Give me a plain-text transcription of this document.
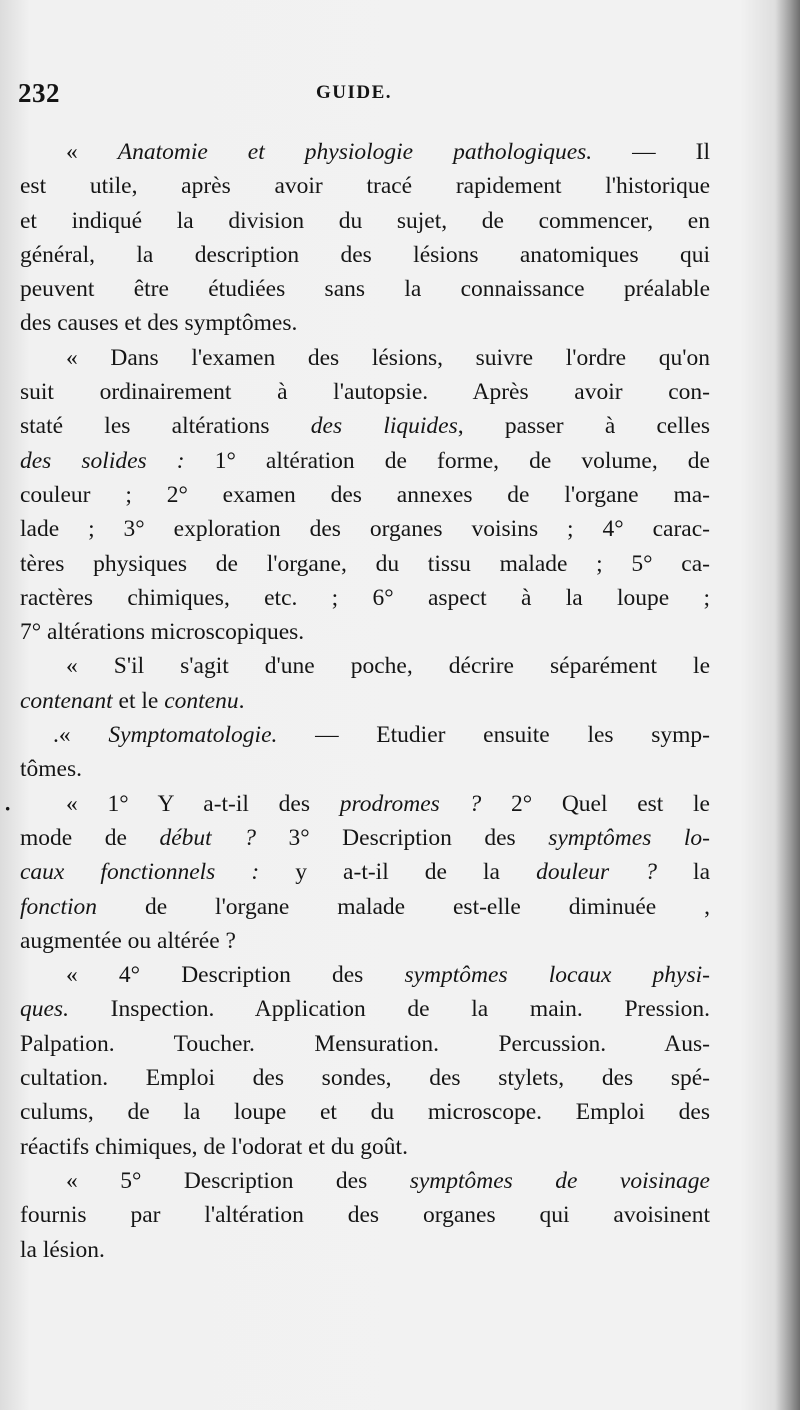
232	GUIDE.
·
« Anatomie et physiologie pathologiques. — Il
est utile, après avoir tracé rapidement l'historique
et indiqué la division du sujet, de commencer, en
général, la description des lésions anatomiques qui
peuvent être étudiées sans la connaissance préalable
des causes et des symptômes.
« Dans l'examen des lésions, suivre l'ordre qu'on
suit ordinairement à l'autopsie. Après avoir con-
staté les altérations des liquides, passer à celles
des solides : 1° altération de forme, de volume, de
couleur ; 2° examen des annexes de l'organe ma-
lade ; 3° exploration des organes voisins ; 4° carac-
tères physiques de l'organe, du tissu malade ; 5° ca-
ractères chimiques, etc. ; 6° aspect à la loupe ;
7° altérations microscopiques.
« S'il s'agit d'une poche, décrire séparément le
contenant et le contenu.
.« Symptomatologie. — Etudier ensuite les symp-
tômes.
« 1° Y a-t-il des prodromes ? 2° Quel est le
mode de début ? 3° Description des symptômes lo-
caux fonctionnels : y a-t-il de la douleur ? la
fonction de l'organe malade est-elle diminuée ,
augmentée ou altérée ?
« 4° Description des symptômes locaux physi-
ques. Inspection. Application de la main. Pression.
Palpation. Toucher. Mensuration. Percussion. Aus-
cultation. Emploi des sondes, des stylets, des spé-
culums, de la loupe et du microscope. Emploi des
réactifs chimiques, de l'odorat et du goût.
« 5° Description des symptômes de voisinage
fournis par l'altération des organes qui avoisinent
la lésion.
